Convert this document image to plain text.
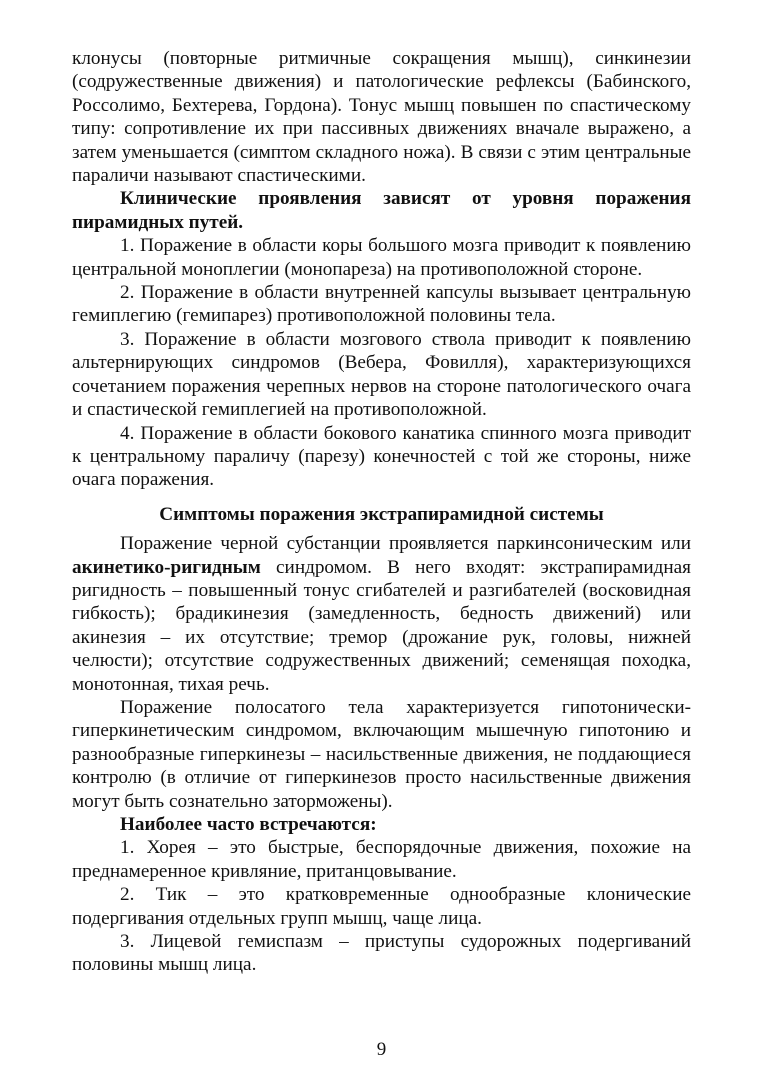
клонусы (повторные ритмичные сокращения мышц), синкинезии (содружественные движения) и патологические рефлексы (Бабинского, Россолимо, Бехтерева, Гордона). Тонус мышц повышен по спастическому типу: сопротивление их при пассивных движениях вначале выражено, а затем уменьшается (симптом складного ножа). В связи с этим центральные параличи называют спастическими.

Клинические проявления зависят от уровня поражения пирамидных путей.

1. Поражение в области коры большого мозга приводит к появлению центральной моноплегии (монопареза) на противоположной стороне.

2. Поражение в области внутренней капсулы вызывает центральную гемиплегию (гемипарез) противоположной половины тела.

3. Поражение в области мозгового ствола приводит к появлению альтернирующих синдромов (Вебера, Фовилля), характеризующихся сочетанием поражения черепных нервов на стороне патологического очага и спастической гемиплегией на противоположной.

4. Поражение в области бокового канатика спинного мозга приводит к центральному параличу (парезу) конечностей с той же стороны, ниже очага поражения.

Симптомы поражения экстрапирамидной системы

Поражение черной субстанции проявляется паркинсоническим или акинетико-ригидным синдромом. В него входят: экстрапирамидная ригидность – повышенный тонус сгибателей и разгибателей (восковидная гибкость); брадикинезия (замедленность, бедность движений) или акинезия – их отсутствие; тремор (дрожание рук, головы, нижней челюсти); отсутствие содружественных движений; семенящая походка, монотонная, тихая речь.

Поражение полосатого тела характеризуется гипотонически-гиперкинетическим синдромом, включающим мышечную гипотонию и разнообразные гиперкинезы – насильственные движения, не поддающиеся контролю (в отличие от гиперкинезов просто насильственные движения могут быть сознательно заторможены).

Наиболее часто встречаются:

1. Хорея – это быстрые, беспорядочные движения, похожие на преднамеренное кривляние, пританцовывание.

2. Тик – это кратковременные однообразные клонические подергивания отдельных групп мышц, чаще лица.

3. Лицевой гемиспазм – приступы судорожных подергиваний половины мышц лица.

9
